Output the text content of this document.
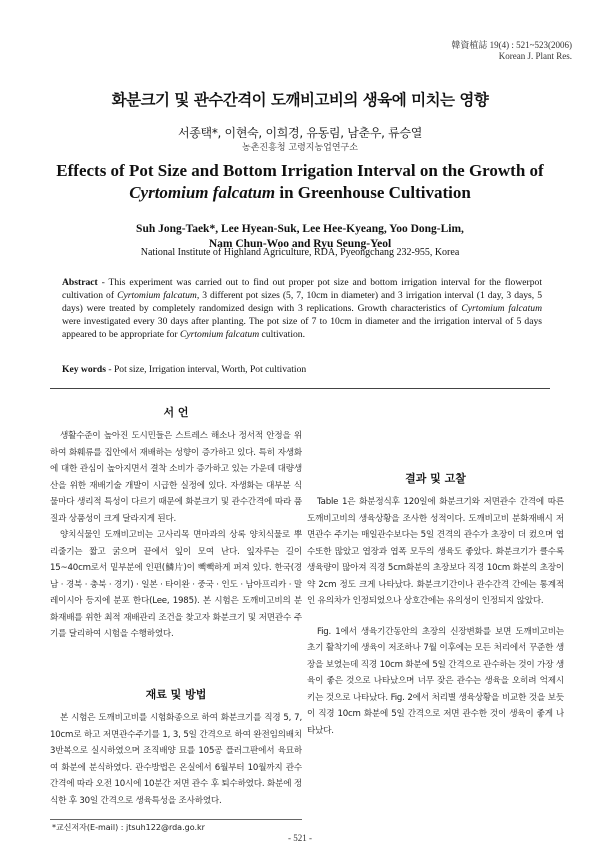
韓資植誌 19(4) : 521~523(2006)
Korean J. Plant Res.
화분크기 및 관수간격이 도깨비고비의 생육에 미치는 영향
서종택*, 이현숙, 이희경, 유동림, 남춘우, 류승열
농촌진흥청 고령지농업연구소
Effects of Pot Size and Bottom Irrigation Interval on the Growth of
Cyrtomium falcatum in Greenhouse Cultivation
Suh Jong-Taek*, Lee Hyean-Suk, Lee Hee-Kyeang, Yoo Dong-Lim,
Nam Chun-Woo and Ryu Seung-Yeol
National Institute of Highland Agriculture, RDA, Pyeongchang 232-955, Korea
Abstract - This experiment was carried out to find out proper pot size and bottom irrigation interval for the flowerpot cultivation of Cyrtomium falcatum, 3 different pot sizes (5, 7, 10cm in diameter) and 3 irrigation interval (1 day, 3 days, 5 days) were treated by completely randomized design with 3 replications. Growth characteristics of Cyrtomium falcatum were investigated every 30 days after planting. The pot size of 7 to 10cm in diameter and the irrigation interval of 5 days appeared to be appropriate for Cyrtomium falcatum cultivation.
Key words - Pot size, Irrigation interval, Worth, Pot cultivation
서 언

생활수준이 높아진 도시민들은 스트레스 해소나 정서적 안정을 위하여 화훼류를 집안에서 재배하는 성향이 증가하고 있다. 특히 자생화에 대한 관심이 높아지면서 결착 소비가 증가하고 있는 가운데 대량생산을 위한 재배기술 개발이 시급한 실정에 있다. 자생화는 대부분 식물마다 생리적 특성이 다르기 때문에 화분크기 및 관수간격에 따라 품질과 상품성이 크게 달라지게 된다.

양치식물인 도깨비고비는 고사리목 면마과의 상록 양치식물로 뿌리줄기는 짧고 굵으며 끝에서 잎이 모여 난다. 잎자루는 길이 15~40cm로서 밑부분에 인편(鱗片)이 빽빽하게 퍼져 있다. 한국(경남 · 경북 · 충북 · 경기) · 일본 · 타이완 · 중국 · 인도 · 남아프리카 · 말레이시아 등지에 분포 한다(Lee, 1985). 본 시험은 도깨비고비의 분화재배를 위한 최적 재배관리 조건을 찾고자 화분크기 및 저면관수 주기를 달리하여 시험을 수행하였다.

재료 및 방법

본 시험은 도깨비고비를 시험화종으로 하여 화분크기를 직경 5, 7, 10cm로 하고 저면관수주기를 1, 3, 5일 간격으로 하여 완전임의배치 3반복으로 실시하였으며 조직배양 묘를 105공 플러그판에서 육묘하여 화분에 분식하였다. 관수방법은 온실에서 6월부터 10월까지 관수간격에 따라 오전 10시에 10분간 저면 관수 후 퇴수하였다. 화분에 정식한 후 30일 간격으로 생육특성을 조사하였다.

결과 및 고찰

Table 1은 화분정식후 120일에 화분크기와 저면관수 간격에 따른 도깨비고비의 생육상황을 조사한 성적이다. 도깨비고비 분화재배시 저면관수 주기는 매일관수보다는 5일 견격의 관수가 초장이 더 컸으며 엽수또한 많았고 엽장과 엽폭 모두의 생육도 좋았다. 화분크기가 클수록 생육량이 많아져 직경 5cm화분의 초장보다 직경 10cm 화분의 초장이 약 2cm 정도 크게 나타났다. 화분크기간이나 관수간격 간에는 통계적인 유의차가 인정되었으나 상호간에는 유의성이 인정되지 않았다.

Fig. 1에서 생육기간동안의 초장의 신장변화를 보면 도깨비고비는 초기 활착기에 생육이 저조하나 7월 이후에는 모든 처리에서 꾸준한 생장을 보였는데 직경 10cm 화분에 5일 간격으로 관수하는 것이 가장 생육이 좋은 것으로 나타났으며 너무 잦은 관수는 생육을 오히려 억제시키는 것으로 나타났다. Fig. 2에서 처리별 생육상황을 비교한 것을 보듯이 직경 10cm 화분에 5일 간격으로 저면 관수한 것이 생육이 좋게 나타났다.

*교신저자(E-mail) : jtsuh122@rda.go.kr
- 521 -
